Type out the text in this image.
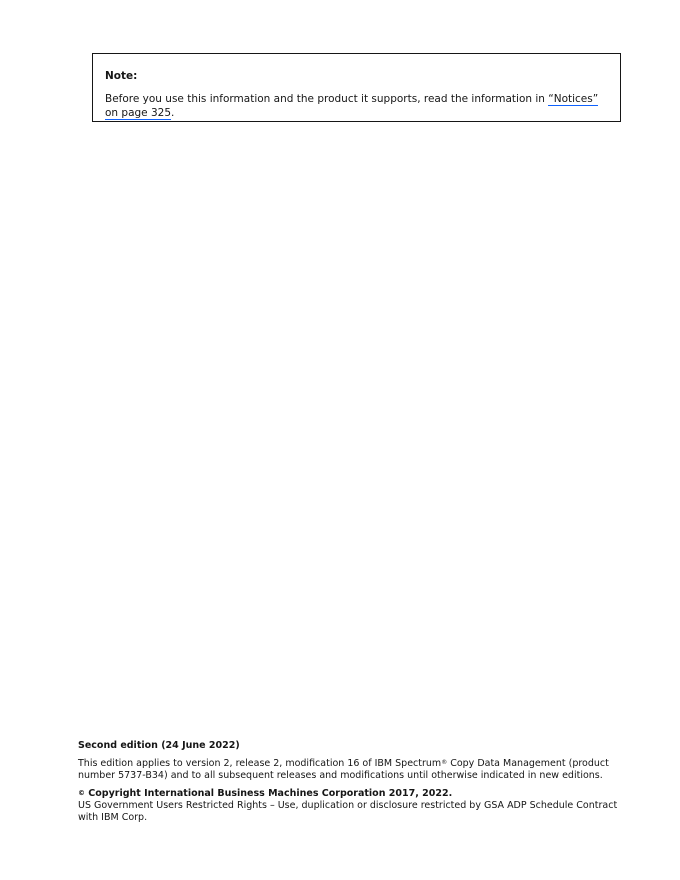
Note:
Before you use this information and the product it supports, read the information in “Notices” on page 325.

Second edition (24 June 2022)

This edition applies to version 2, release 2, modification 16 of IBM Spectrum® Copy Data Management (product number 5737-B34) and to all subsequent releases and modifications until otherwise indicated in new editions.

© Copyright International Business Machines Corporation 2017, 2022.

US Government Users Restricted Rights – Use, duplication or disclosure restricted by GSA ADP Schedule Contract with IBM Corp.
